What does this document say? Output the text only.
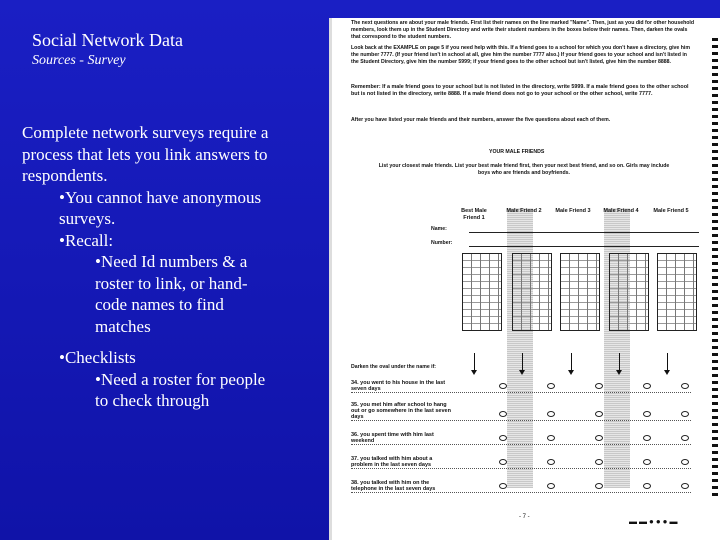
Social Network Data
Sources - Survey
Complete network surveys require a process that lets you link answers to respondents.
•You cannot have anonymous
surveys.
•Recall:
•Need Id numbers & a
roster to link, or hand-
code names to find
matches
•Checklists
•Need a roster for people
to check through
The next questions are about your male friends. First list their names on the line marked "Name". Then, just as you did for other household members, look them up in the Student Directory and write their student numbers in the boxes below their names. Then, darken the ovals that correspond to the student numbers.
Look back at the EXAMPLE on page 5 if you need help with this. If a friend goes to a school for which you don't have a directory, give him the number 7777. (If your friend isn't in school at all, give him the number 7777 also.) If your friend goes to your school and isn't listed in the Student Directory, give him the number 5999; if your friend goes to the other school but isn't listed, give him the number 8888.
Remember: If a male friend goes to your school but is not listed in the directory, write 5999. If a male friend goes to the other school but is not listed in the directory, write 8888. If a male friend does not go to your school or the other school, write 7777.
After you have listed your male friends and their numbers, answer the five questions about each of them.
YOUR MALE FRIENDS
List your closest male friends. List your best male friend first, then your next best friend, and so on. Girls may include boys who are friends and boyfriends.
Best Male Friend 1
Male Friend 2	Male Friend 3	Male Friend 4	Male Friend 5
Name:
Number:
Darken the oval under the name if:
34. you went to his house in the last seven days
35. you met him after school to hang out or go somewhere in the last seven days
36. you spent time with him last weekend
37. you talked with him about a problem in the last seven days
38. you talked with him on the telephone in the last seven days
- 7 -	▬▬●●●▬
